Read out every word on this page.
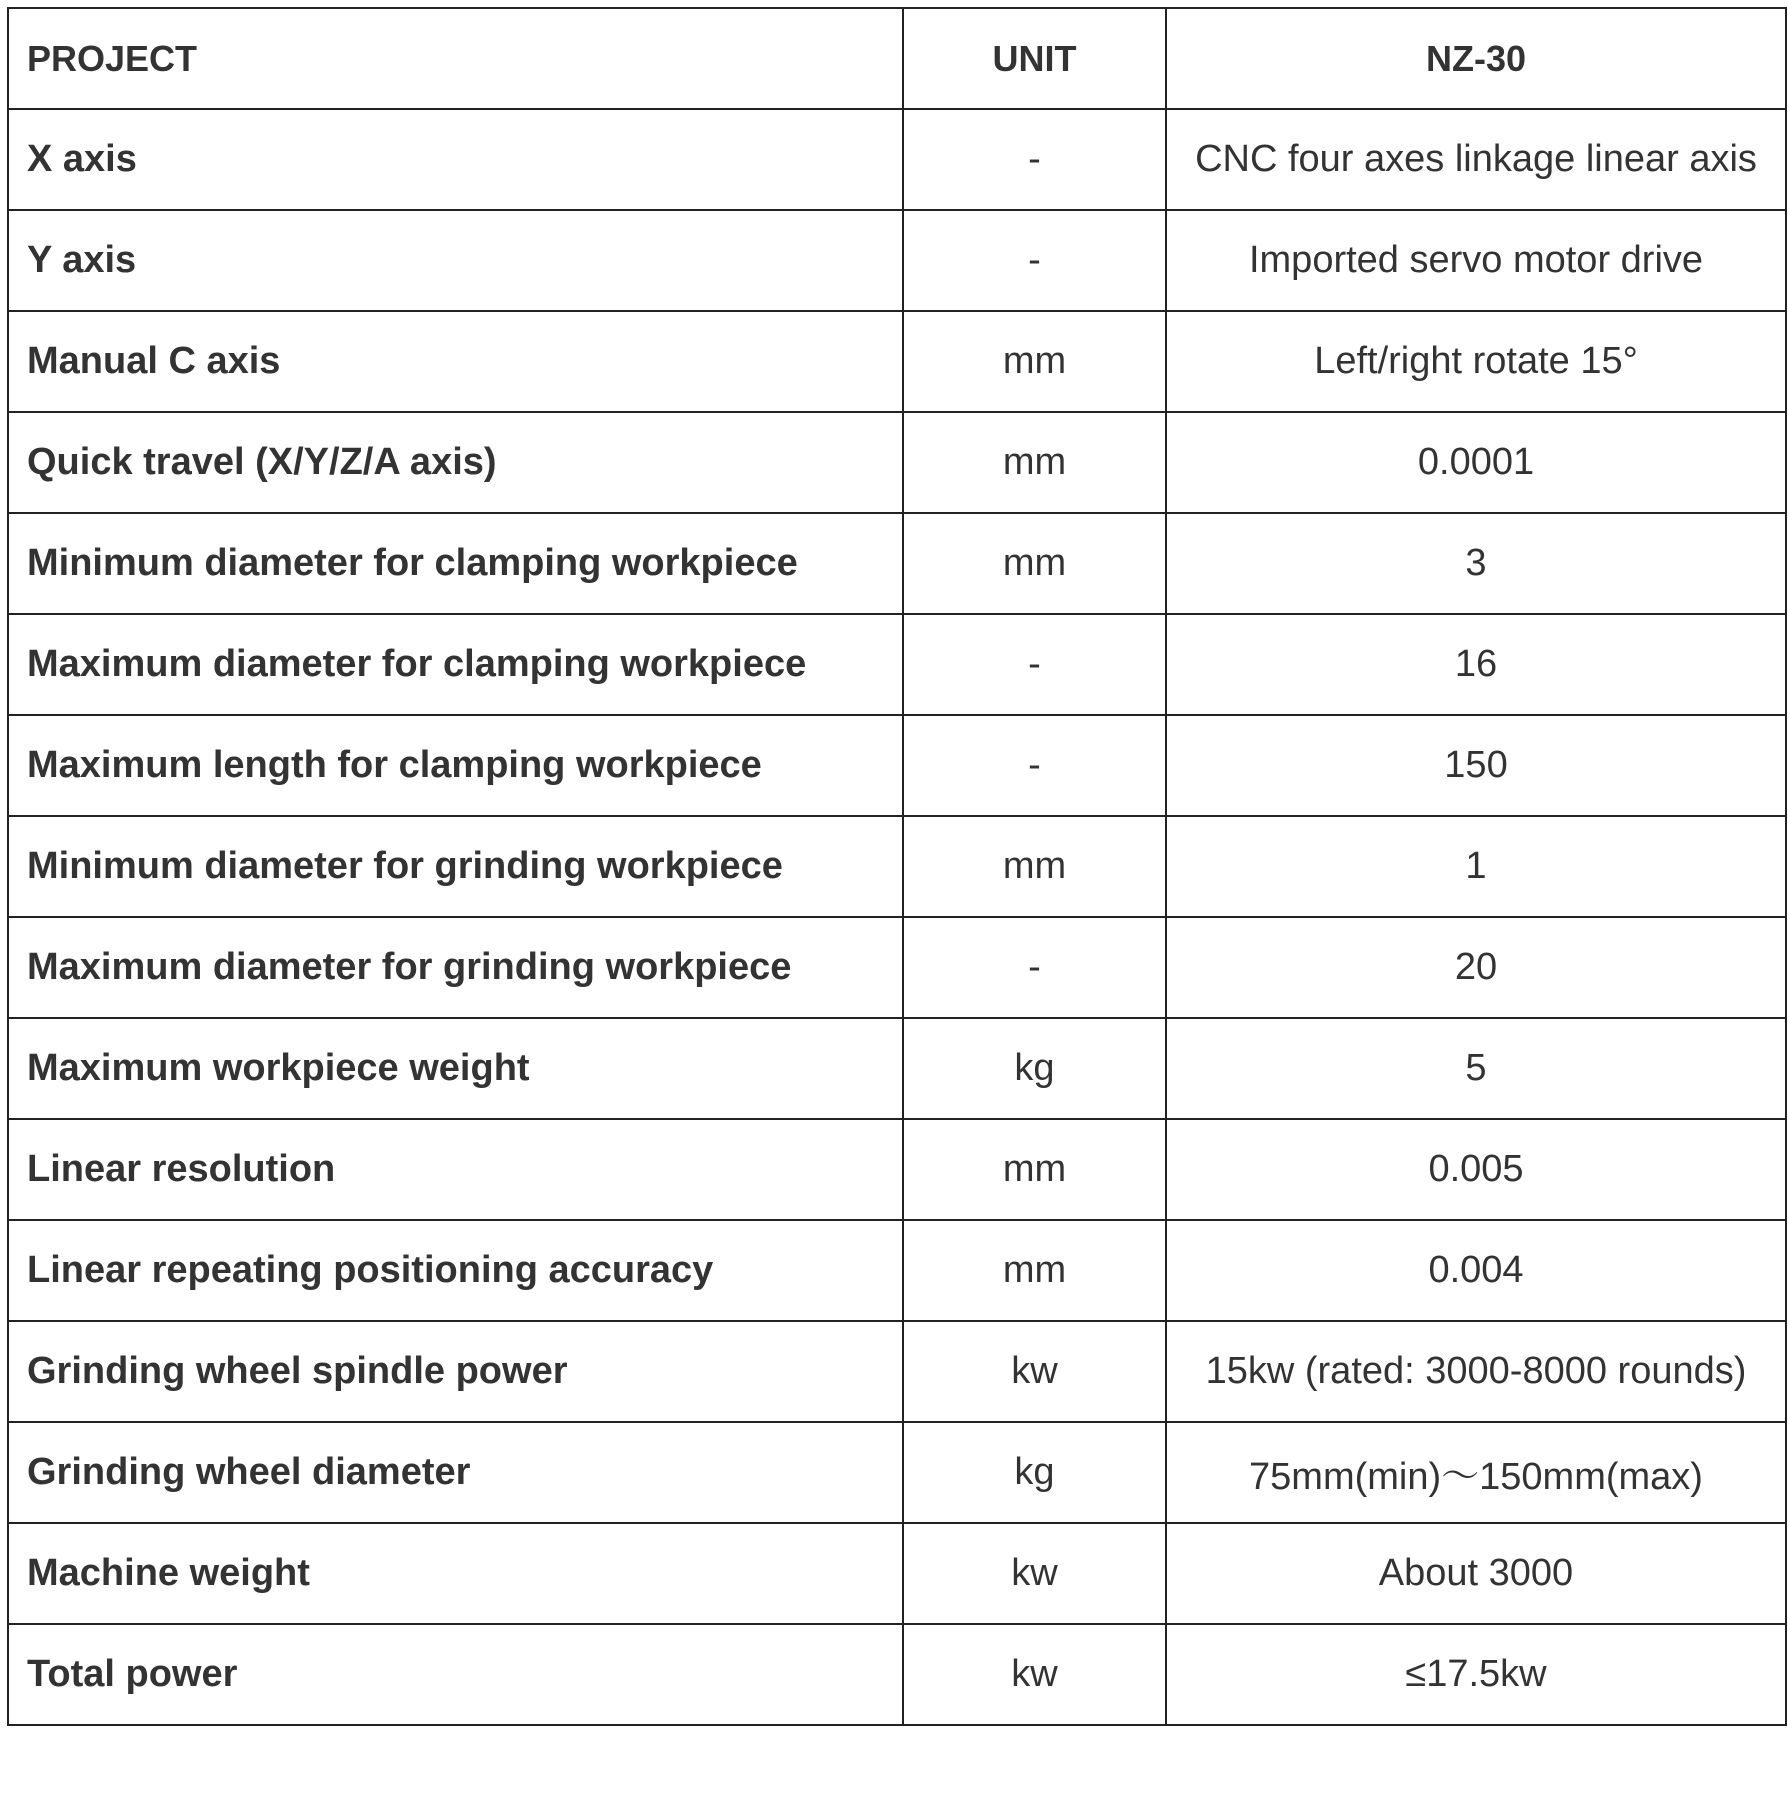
PROJECT	UNIT	NZ-30
X axis	-	CNC four axes linkage linear axis
Y axis	-	Imported servo motor drive
Manual C axis	mm	Left/right rotate 15°
Quick travel (X/Y/Z/A axis)	mm	0.0001
Minimum diameter for clamping workpiece	mm	3
Maximum diameter for clamping workpiece	-	16
Maximum length for clamping workpiece	-	150
Minimum diameter for grinding workpiece	mm	1
Maximum diameter for grinding workpiece	-	20
Maximum workpiece weight	kg	5
Linear resolution	mm	0.005
Linear repeating positioning accuracy	mm	0.004
Grinding wheel spindle power	kw	15kw (rated: 3000-8000 rounds)
Grinding wheel diameter	kg	75mm(min)～150mm(max)
Machine weight	kw	About 3000
Total power	kw	≤17.5kw
